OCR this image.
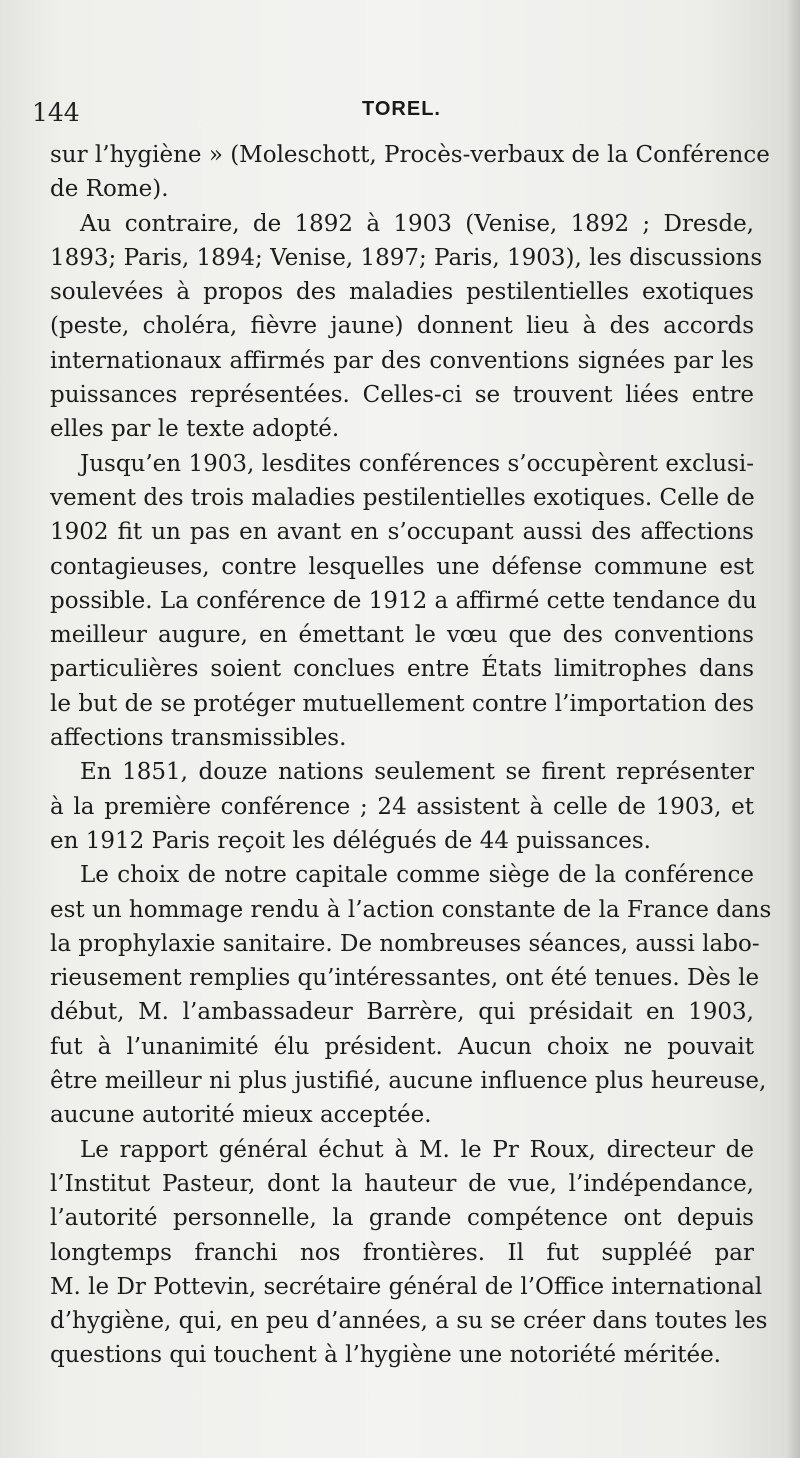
144	TOREL.
sur l’hygiène » (Moleschott, Procès-verbaux de la Conférence
de Rome).
Au contraire, de 1892 à 1903 (Venise, 1892 ; Dresde,
1893; Paris, 1894; Venise, 1897; Paris, 1903), les discussions
soulevées à propos des maladies pestilentielles exotiques
(peste, choléra, fièvre jaune) donnent lieu à des accords
internationaux affirmés par des conventions signées par les
puissances représentées. Celles-ci se trouvent liées entre
elles par le texte adopté.
Jusqu’en 1903, lesdites conférences s’occupèrent exclusi-
vement des trois maladies pestilentielles exotiques. Celle de
1902 fit un pas en avant en s’occupant aussi des affections
contagieuses, contre lesquelles une défense commune est
possible. La conférence de 1912 a affirmé cette tendance du
meilleur augure, en émettant le vœu que des conventions
particulières soient conclues entre États limitrophes dans
le but de se protéger mutuellement contre l’importation des
affections transmissibles.
En 1851, douze nations seulement se firent représenter
à la première conférence ; 24 assistent à celle de 1903, et
en 1912 Paris reçoit les délégués de 44 puissances.
Le choix de notre capitale comme siège de la conférence
est un hommage rendu à l’action constante de la France dans
la prophylaxie sanitaire. De nombreuses séances, aussi labo-
rieusement remplies qu’intéressantes, ont été tenues. Dès le
début, M. l’ambassadeur Barrère, qui présidait en 1903,
fut à l’unanimité élu président. Aucun choix ne pouvait
être meilleur ni plus justifié, aucune influence plus heureuse,
aucune autorité mieux acceptée.
Le rapport général échut à M. le Pr Roux, directeur de
l’Institut Pasteur, dont la hauteur de vue, l’indépendance,
l’autorité personnelle, la grande compétence ont depuis
longtemps franchi nos frontières. Il fut suppléé par
M. le Dr Pottevin, secrétaire général de l’Office international
d’hygiène, qui, en peu d’années, a su se créer dans toutes les
questions qui touchent à l’hygiène une notoriété méritée.
